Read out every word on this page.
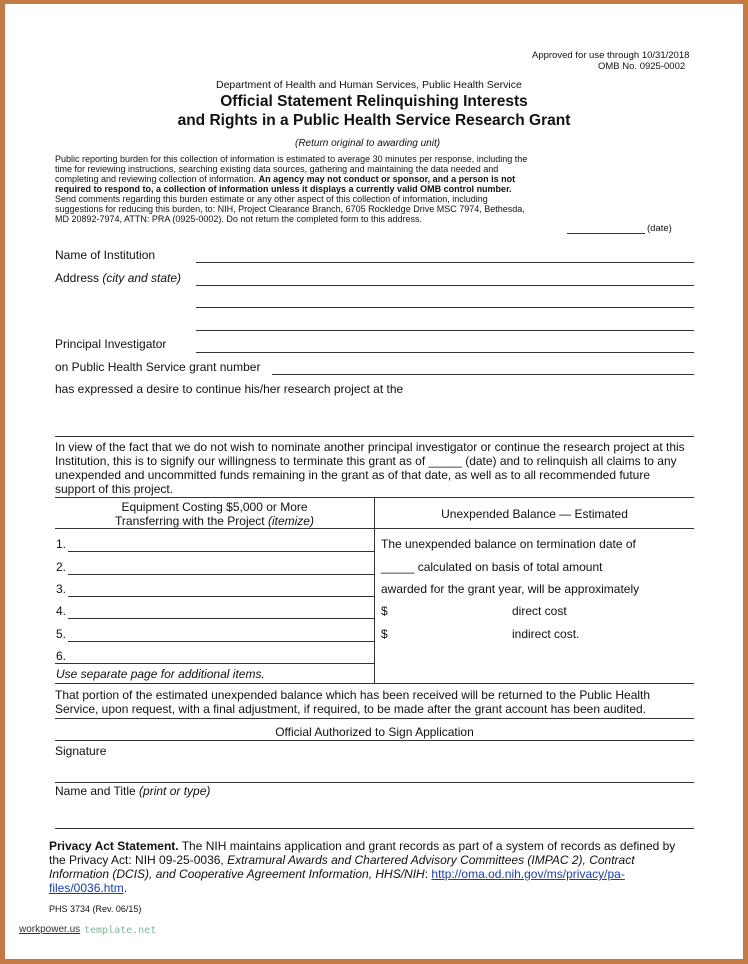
Approved for use through 10/31/2018
OMB No. 0925-0002
Department of Health and Human Services, Public Health Service
Official Statement Relinquishing Interests
and Rights in a Public Health Service Research Grant
(Return original to awarding unit)
Public reporting burden for this collection of information is estimated to average 30 minutes per response, including the
time for reviewing instructions, searching existing data sources, gathering and maintaining the data needed and
completing and reviewing collection of information. An agency may not conduct or sponsor, and a person is not
required to respond to, a collection of information unless it displays a currently valid OMB control number.
Send comments regarding this burden estimate or any other aspect of this collection of information, including
suggestions for reducing this burden, to: NIH, Project Clearance Branch, 6705 Rockledge Drive MSC 7974, Bethesda,
MD 20892-7974, ATTN: PRA (0925-0002). Do not return the completed form to this address.
(date)
Name of Institution
Address (city and state)
Principal Investigator
on Public Health Service grant number
has expressed a desire to continue his/her research project at the
In view of the fact that we do not wish to nominate another principal investigator or continue the research project at this
Institution, this is to signify our willingness to terminate this grant as of _____ (date) and to relinquish all claims to any
unexpended and uncommitted funds remaining in the grant as of that date, as well as to all recommended future
support of this project.
Equipment Costing $5,000 or More
Transferring with the Project (itemize)	Unexpended Balance — Estimated
1.
2.
3.
4.
5.
6.
Use separate page for additional items.
The unexpended balance on termination date of
_____ calculated on basis of total amount
awarded for the grant year, will be approximately
$	direct cost
$	indirect cost.
That portion of the estimated unexpended balance which has been received will be returned to the Public Health
Service, upon request, with a final adjustment, if required, to be made after the grant account has been audited.
Official Authorized to Sign Application
Signature
Name and Title (print or type)
Privacy Act Statement. The NIH maintains application and grant records as part of a system of records as defined by
the Privacy Act: NIH 09-25-0036, Extramural Awards and Chartered Advisory Committees (IMPAC 2), Contract
Information (DCIS), and Cooperative Agreement Information, HHS/NIH: http://oma.od.nih.gov/ms/privacy/pa-
files/0036.htm.
PHS 3734 (Rev. 06/15)
workpower.us template.net
